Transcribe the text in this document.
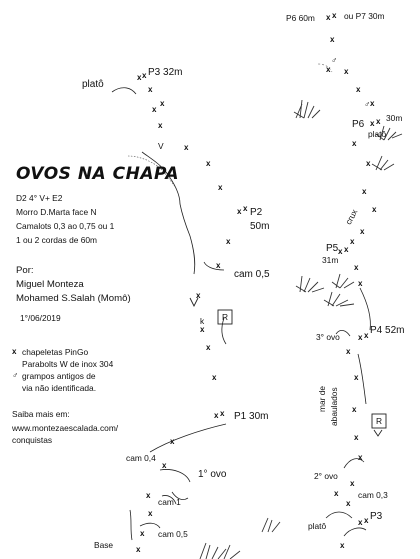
OVOS NA CHAPA
D2 4° V+ E2
Morro D.Marta face N
Camalots 0,3 ao 0,75 ou 1
1 ou 2 cordas de 60m
Por:
Miguel Monteza
Mohamed S.Salah (Momô)
1°/06/2019
x chapeletas PinGo
Parabolts W de inox 304
♂ grampos antigos de
via não identificada.
Saiba mais em:
www.montezaescalada.com/
conquistas
P3 32m
platô
V
P2
50m
cam 0,5
R
k
P1 30m
cam 0,4
1° ovo
cam 1
cam 0,5
Base
P6 60m	ou P7 30m
P6
30m
platô
crux
P5
31m
3° ovo
P4 52m
mar de abaulados	R
2° ovo
cam 0,3
platô
P3
x x
x
x
x
x
x
x
x
x x
x
x
x
x
x
x
x x
x
x
x
x
x
x
x x
x
x x
x
x
x x
x
x
x
x
x
x
x x
x
x
x x
x
x
x
x
x
x
x
x
x x
x
♂
♂
